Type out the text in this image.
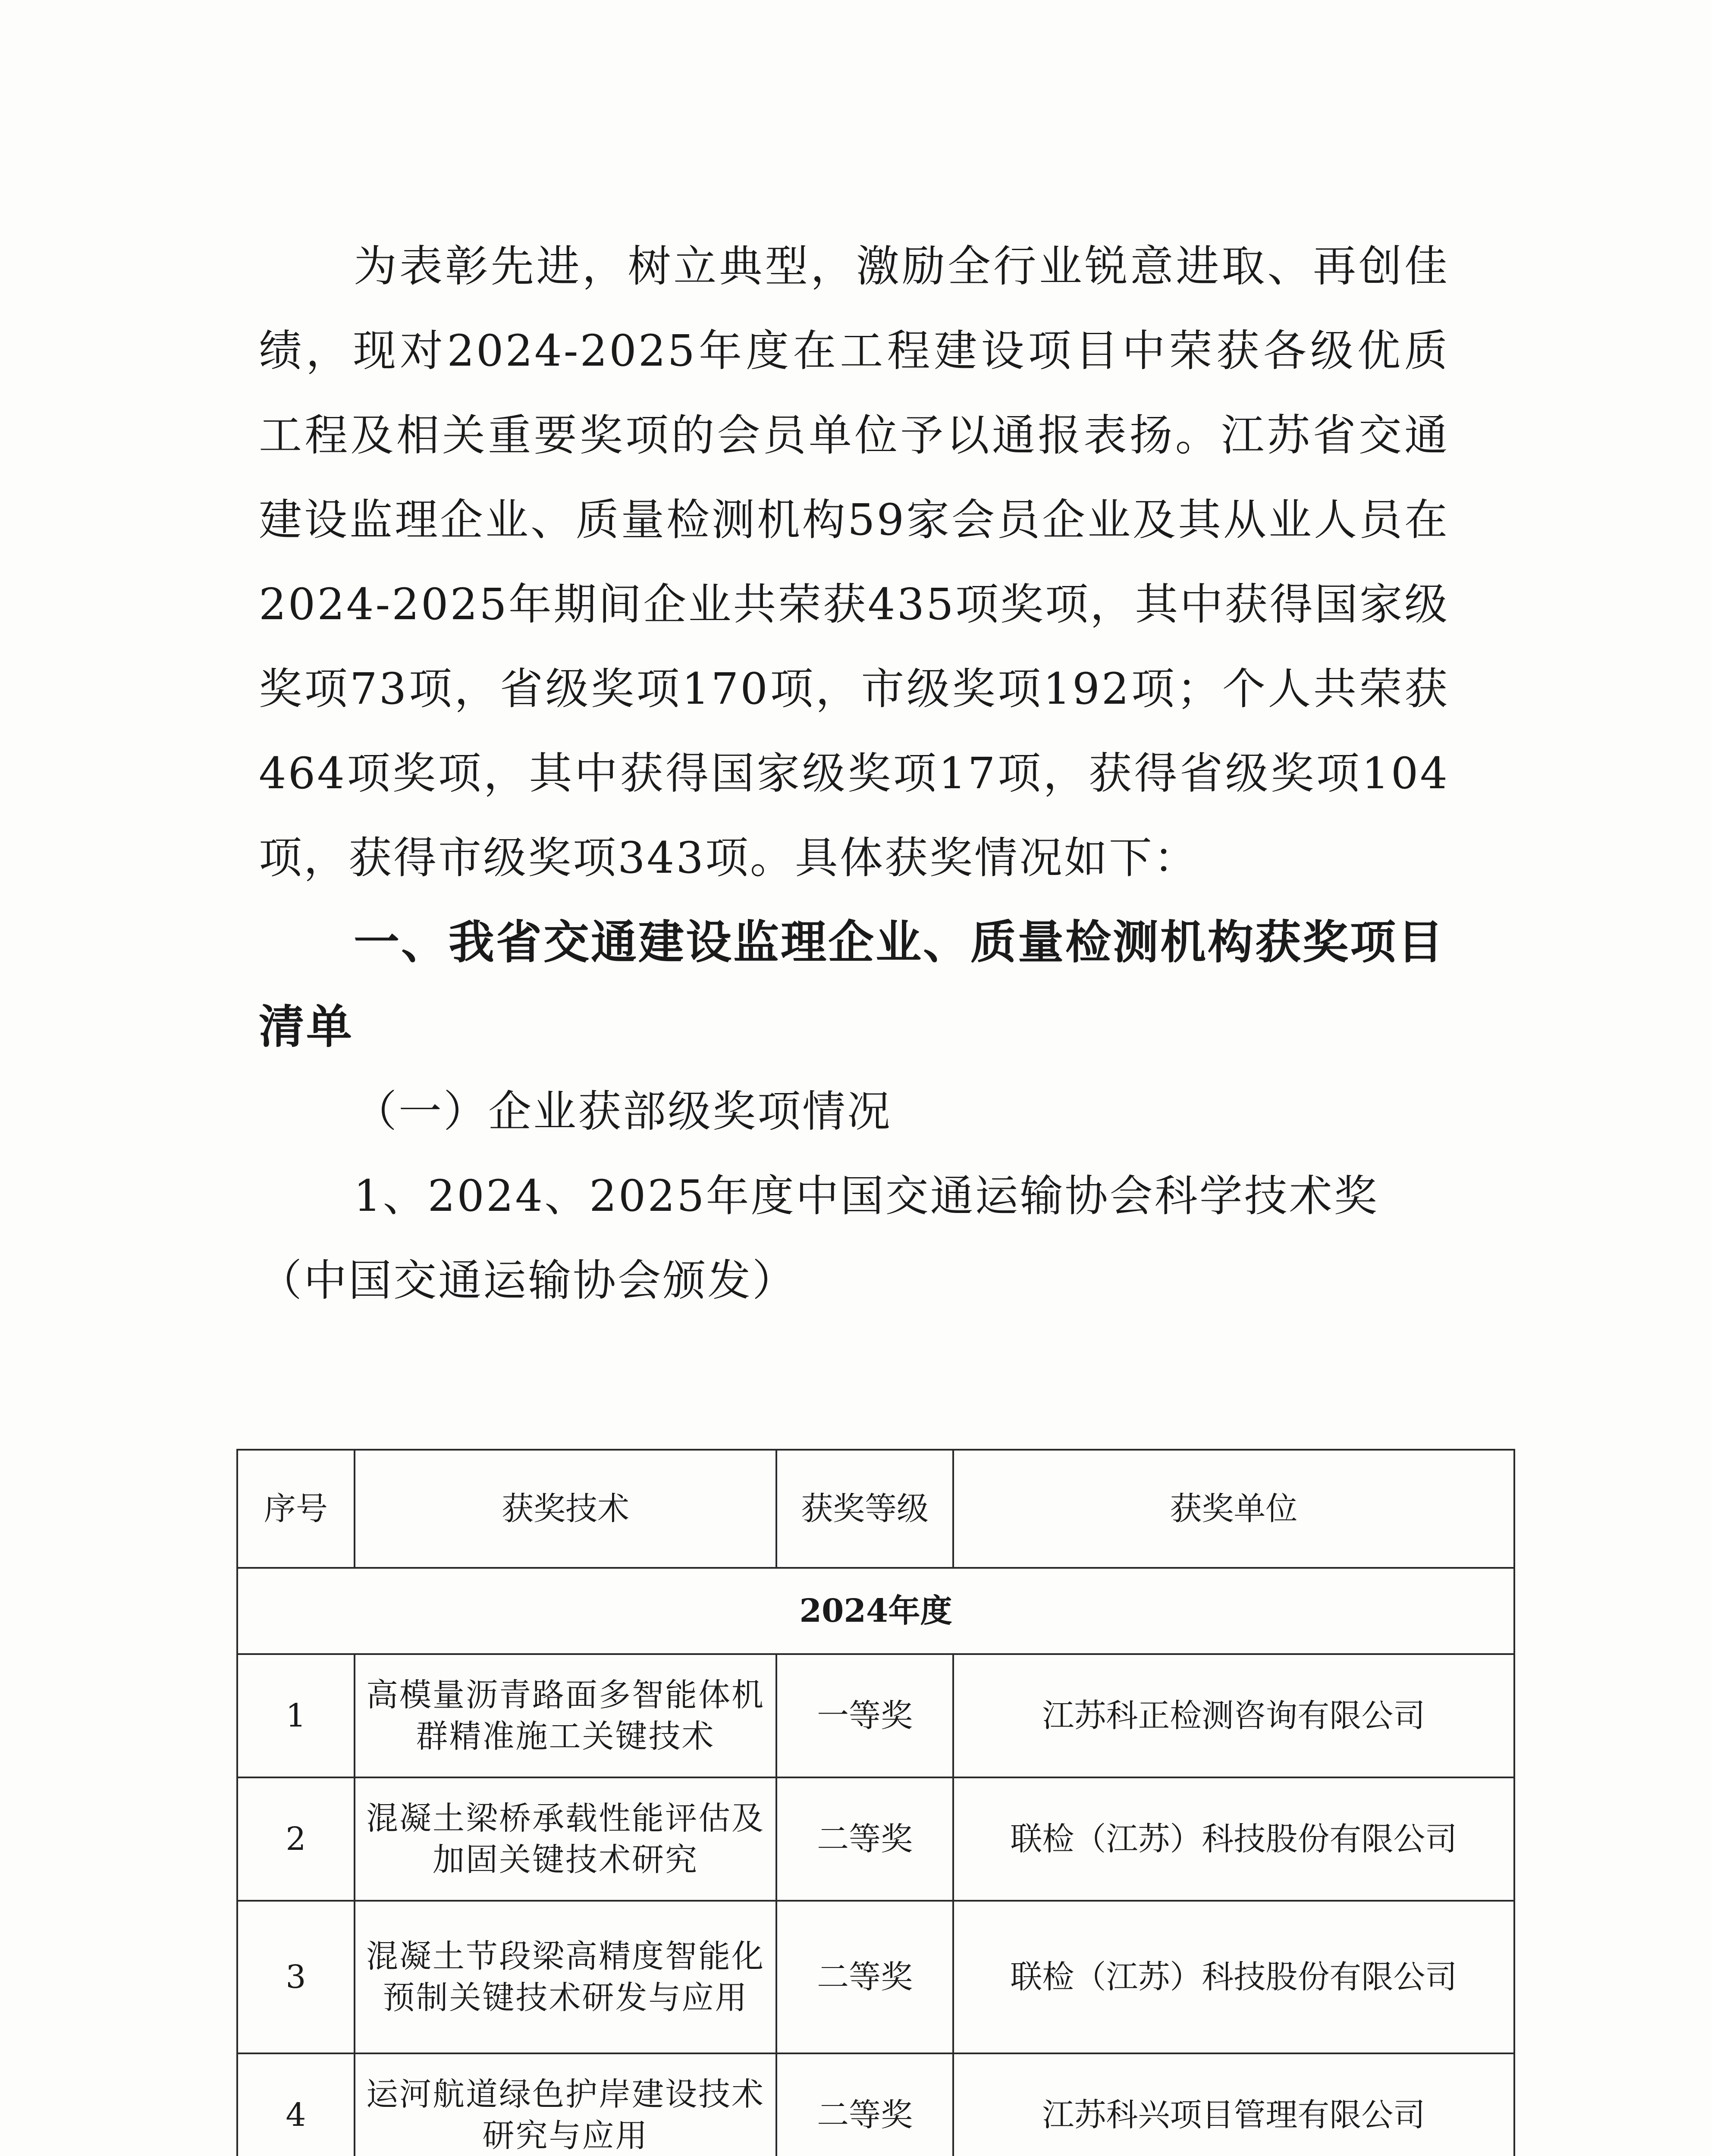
为表彰先进，树立典型，激励全行业锐意进取、再创佳绩，现对2024-2025年度在工程建设项目中荣获各级优质工程及相关重要奖项的会员单位予以通报表扬。江苏省交通建设监理企业、质量检测机构59家会员企业及其从业人员在2024-2025年期间企业共荣获435项奖项，其中获得国家级奖项73项，省级奖项170项，市级奖项192项；个人共荣获464项奖项，其中获得国家级奖项17项，获得省级奖项104项，获得市级奖项343项。具体获奖情况如下：

一、我省交通建设监理企业、质量检测机构获奖项目清单

（一）企业获部级奖项情况

1、2024、2025年度中国交通运输协会科学技术奖（中国交通运输协会颁发）

序号	获奖技术	获奖等级	获奖单位
2024年度			
1	高模量沥青路面多智能体机群精准施工关键技术	一等奖	江苏科正检测咨询有限公司
2	混凝土梁桥承载性能评估及加固关键技术研究	二等奖	联检（江苏）科技股份有限公司
3	混凝土节段梁高精度智能化预制关键技术研发与应用	二等奖	联检（江苏）科技股份有限公司
4	运河航道绿色护岸建设技术研究与应用	二等奖	江苏科兴项目管理有限公司
